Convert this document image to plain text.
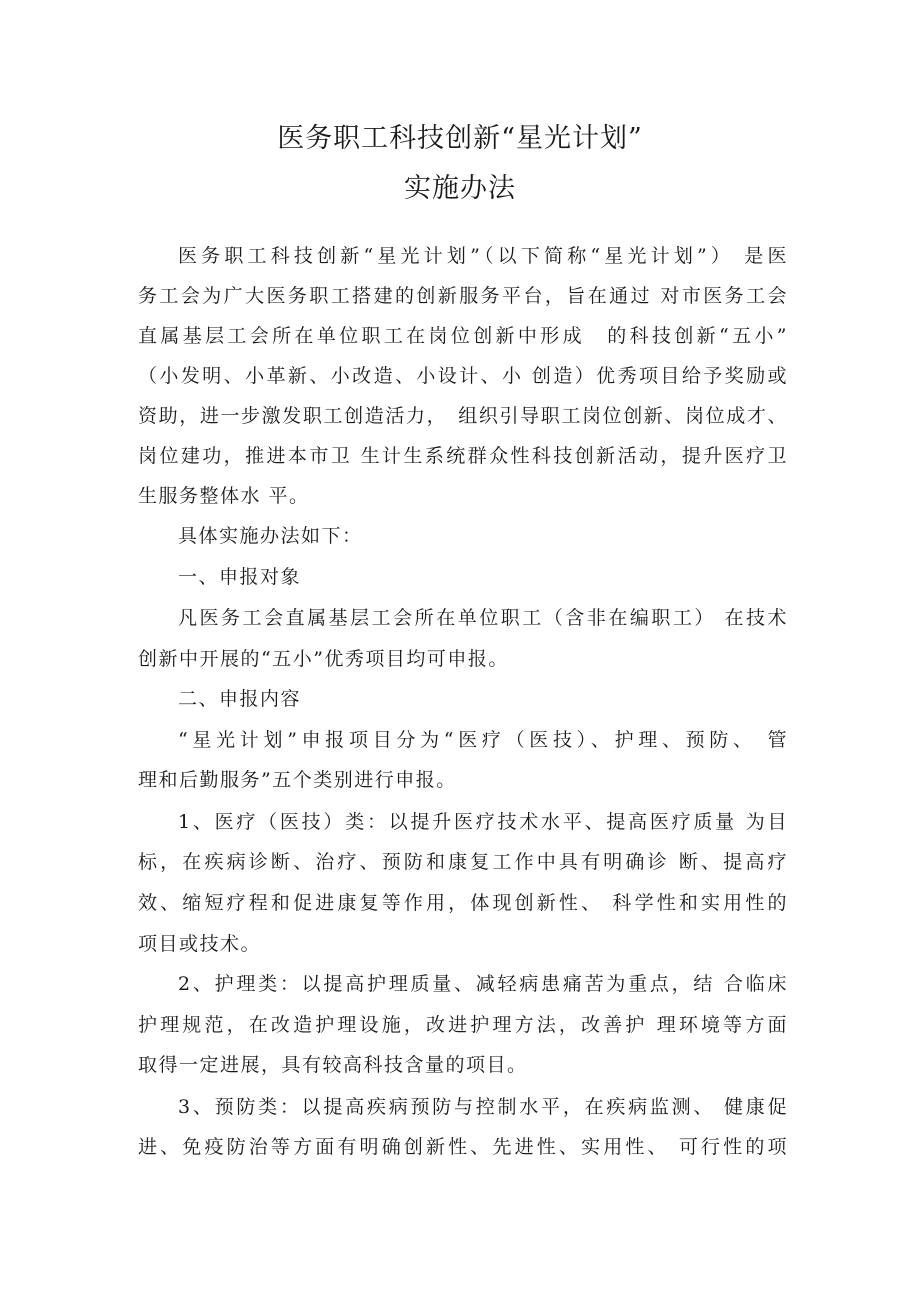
医务职工科技创新“星光计划”
实施办法
医务职工科技创新“星光计划”（以下简称“星光计划”） 是医
务工会为广大医务职工搭建的创新服务平台，旨在通过 对市医务工会
直属基层工会所在单位职工在岗位创新中形成　的科技创新“五小”
（小发明、小革新、小改造、小设计、小 创造）优秀项目给予奖励或
资助，进一步激发职工创造活力，　组织引导职工岗位创新、岗位成才、
岗位建功，推进本市卫 生计生系统群众性科技创新活动，提升医疗卫
生服务整体水 平。
具体实施办法如下：
一、申报对象
凡医务工会直属基层工会所在单位职工（含非在编职工） 在技术
创新中开展的“五小”优秀项目均可申报。
二、申报内容
“星光计划”申报项目分为“医疗（医技）、护理、预防、 管
理和后勤服务”五个类别进行申报。
1、医疗（医技）类：以提升医疗技术水平、提高医疗质量 为目
标，在疾病诊断、治疗、预防和康复工作中具有明确诊 断、提高疗
效、缩短疗程和促进康复等作用，体现创新性、 科学性和实用性的
项目或技术。
2、护理类：以提高护理质量、减轻病患痛苦为重点，结 合临床
护理规范，在改造护理设施，改进护理方法，改善护 理环境等方面
取得一定进展，具有较高科技含量的项目。
3、预防类：以提高疾病预防与控制水平，在疾病监测、 健康促
进、免疫防治等方面有明确创新性、先进性、实用性、 可行性的项
